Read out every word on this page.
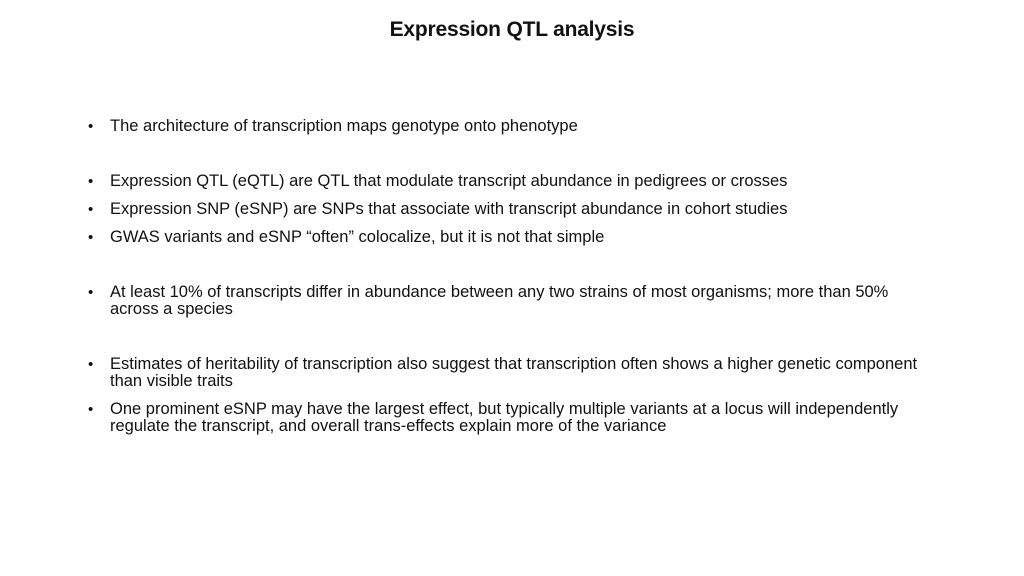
Expression QTL analysis
• The architecture of transcription maps genotype onto phenotype
• Expression QTL (eQTL) are QTL that modulate transcript abundance in pedigrees or crosses
• Expression SNP (eSNP) are SNPs that associate with transcript abundance in cohort studies
• GWAS variants and eSNP “often” colocalize, but it is not that simple
• At least 10% of transcripts differ in abundance between any two strains of most organisms; more than 50% across a species
• Estimates of heritability of transcription also suggest that transcription often shows a higher genetic component than visible traits
• One prominent eSNP may have the largest effect, but typically multiple variants at a locus will independently regulate the transcript, and overall trans-effects explain more of the variance
